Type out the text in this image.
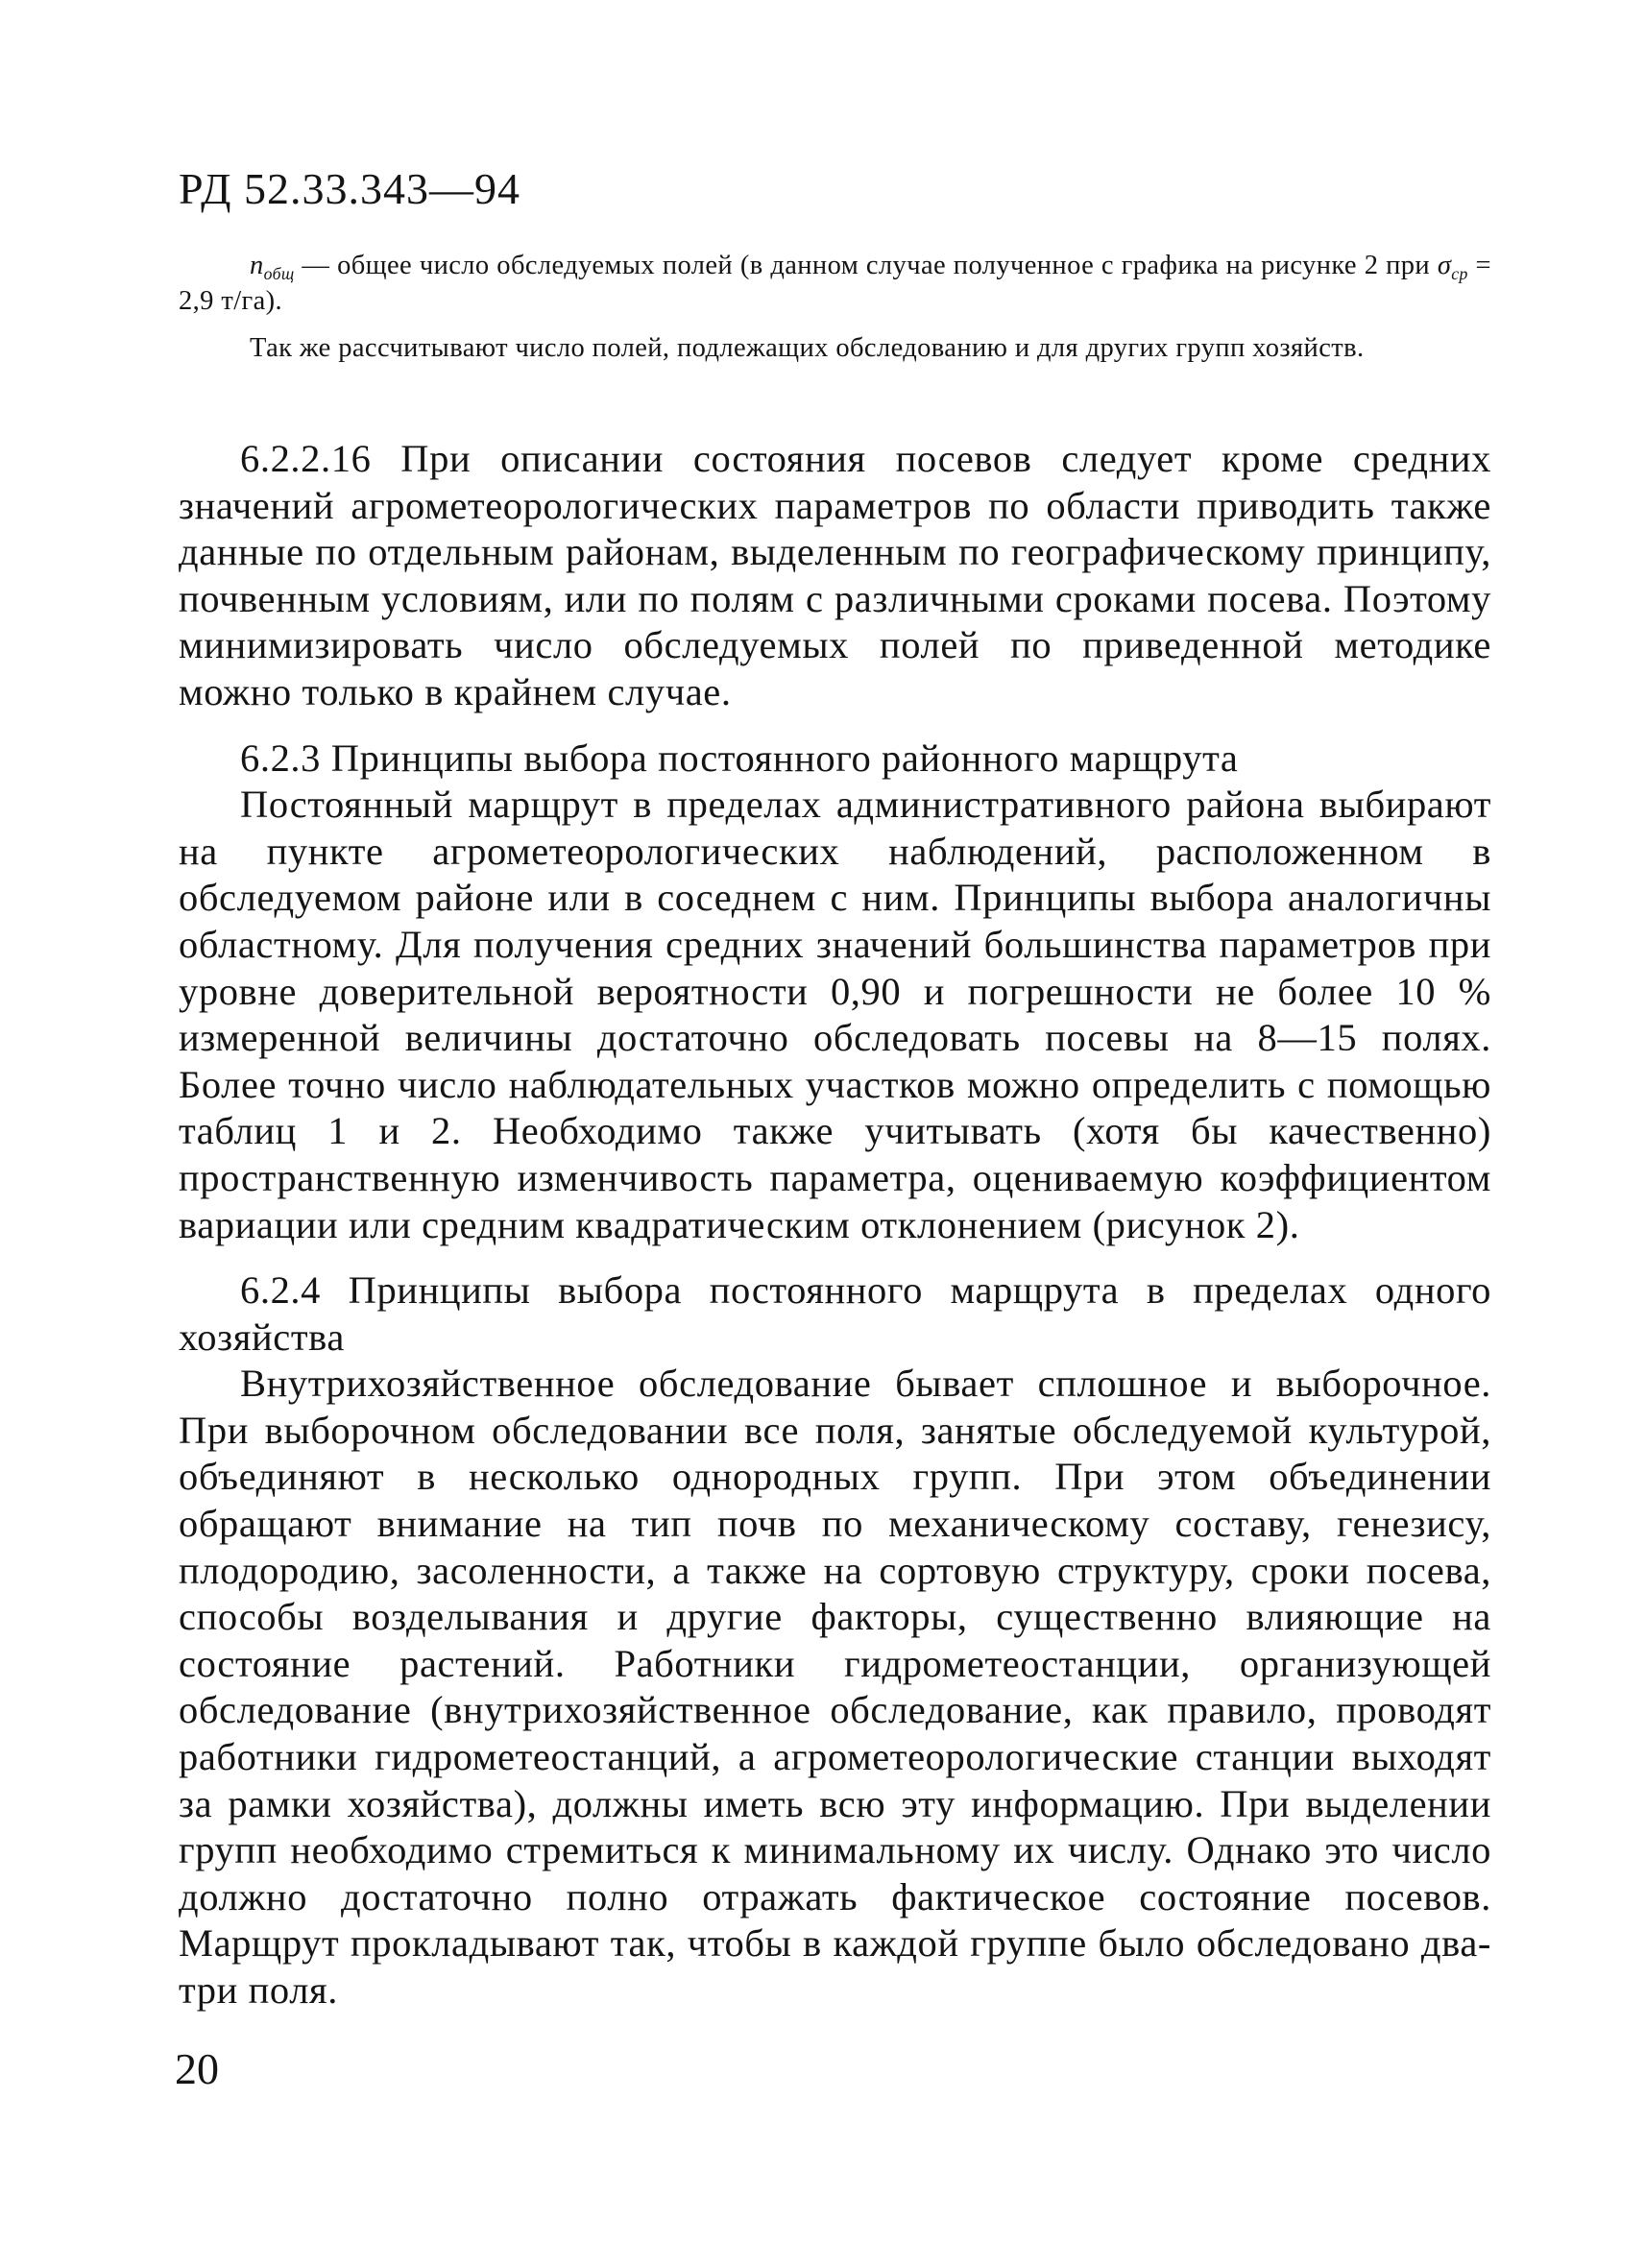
РД 52.33.343—94

$n_{общ}$ — общее число обследуемых полей (в данном случае полученное с графика на рисунке 2 при $\sigma_{ср} = 2,9$ т/га).

Так же рассчитывают число полей, подлежащих обследованию и для других групп хозяйств.

6.2.2.16 При описании состояния посевов следует кроме средних значений агрометеорологических параметров по области приводить также данные по отдельным районам, выделенным по географическому принципу, почвенным условиям, или по полям с различными сроками посева. Поэтому минимизировать число обследуемых полей по приведенной методике можно только в крайнем случае.

6.2.3 Принципы выбора постоянного районного марщрута

Постоянный марщрут в пределах административного района выбирают на пункте агрометеорологических наблюдений, расположенном в обследуемом районе или в соседнем с ним. Принципы выбора аналогичны областному. Для получения средних значений большинства параметров при уровне доверительной вероятности 0,90 и погрешности не более 10 % измеренной величины достаточно обследовать посевы на 8—15 полях. Более точно число наблюдательных участков можно определить с помощью таблиц 1 и 2. Необходимо также учитывать (хотя бы качественно) пространственную изменчивость параметра, оцениваемую коэффициентом вариации или средним квадратическим отклонением (рисунок 2).

6.2.4 Принципы выбора постоянного марщрута в пределах одного хозяйства

Внутрихозяйственное обследование бывает сплошное и выборочное. При выборочном обследовании все поля, занятые обследуемой культурой, объединяют в несколько однородных групп. При этом объединении обращают внимание на тип почв по механическому составу, генезису, плодородию, засоленности, а также на сортовую структуру, сроки посева, способы возделывания и другие факторы, существенно влияющие на состояние растений. Работники гидрометеостанции, организующей обследование (внутрихозяйственное обследование, как правило, проводят работники гидрометеостанций, а агрометеорологические станции выходят за рамки хозяйства), должны иметь всю эту информацию. При выделении групп необходимо стремиться к минимальному их числу. Однако это число должно достаточно полно отражать фактическое состояние посевов. Марщрут прокладывают так, чтобы в каждой группе было обследовано два-три поля.

20
